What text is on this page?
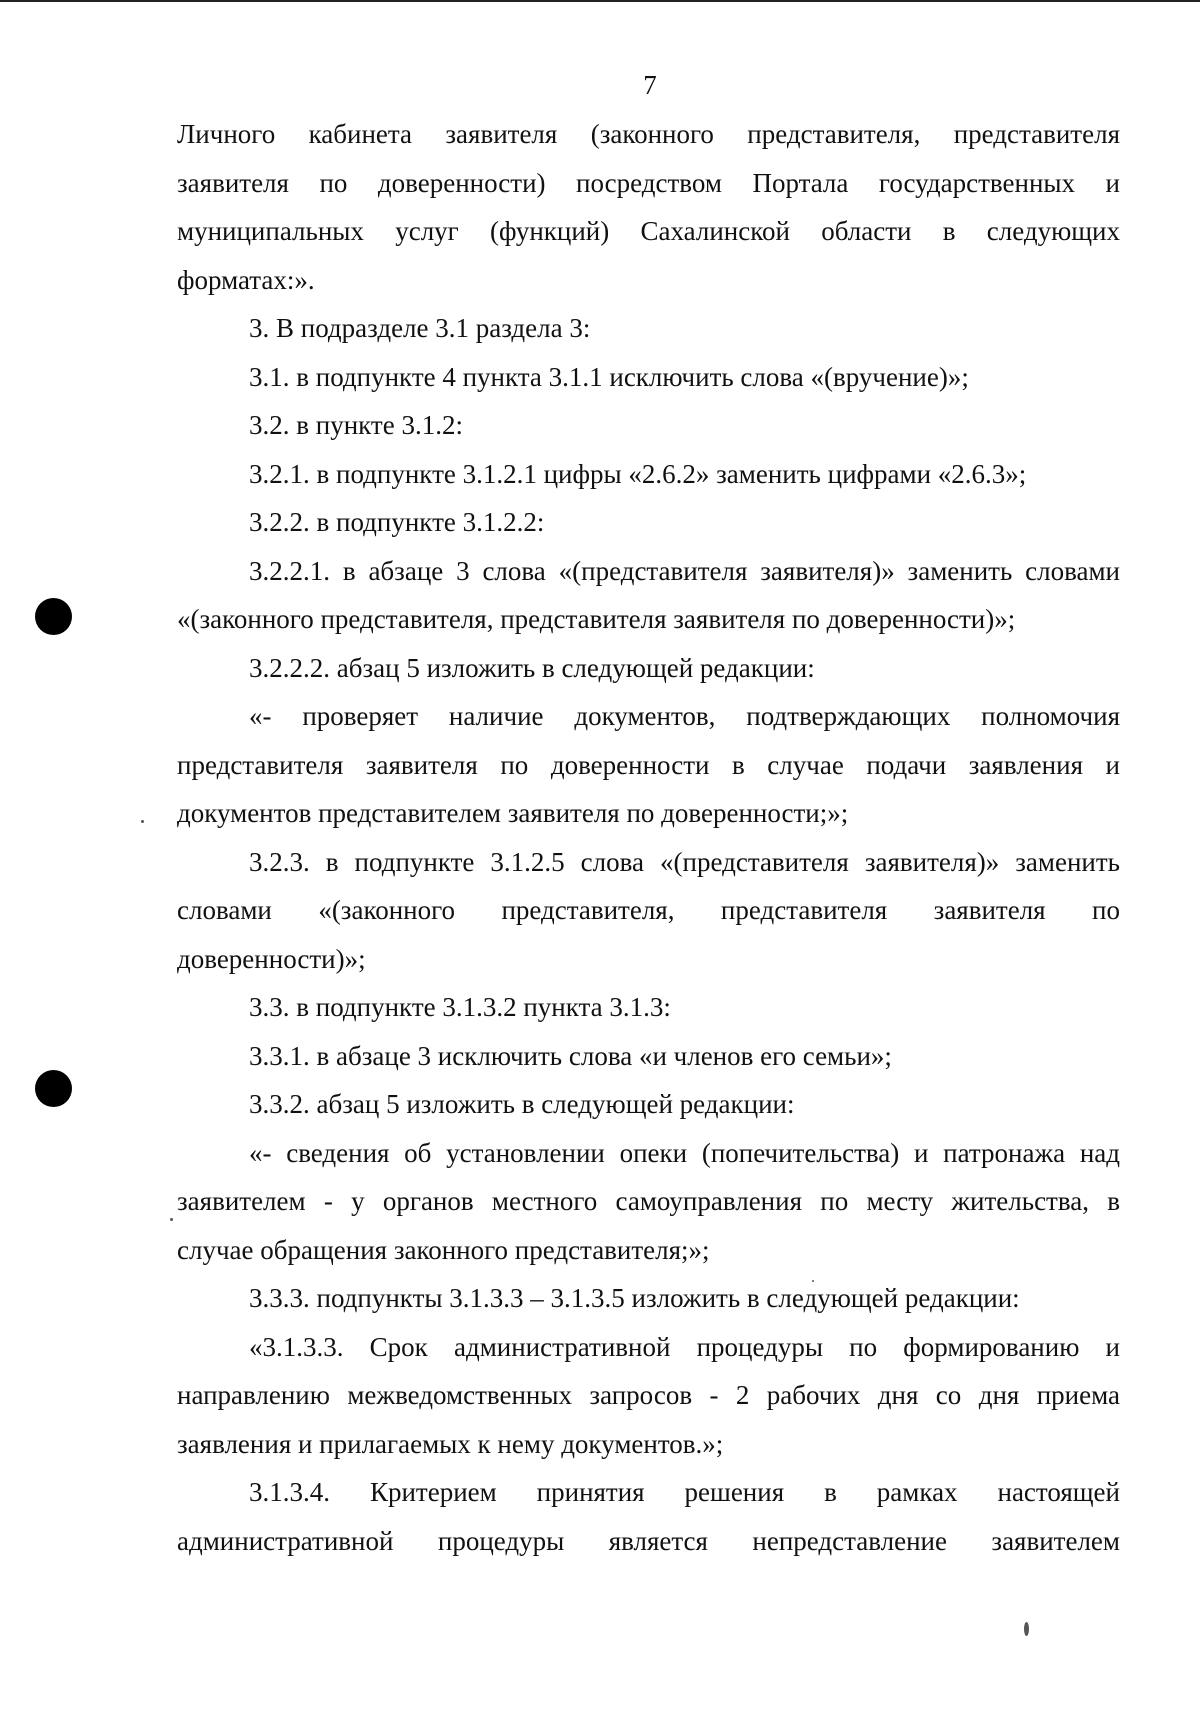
7

Личного кабинета заявителя (законного представителя, представителя

заявителя по доверенности) посредством Портала государственных и

муниципальных услуг (функций) Сахалинской области в следующих

форматах:».

3. В подразделе 3.1 раздела 3:

3.1. в подпункте 4 пункта 3.1.1 исключить слова «(вручение)»;

3.2. в пункте 3.1.2:

3.2.1. в подпункте 3.1.2.1 цифры «2.6.2» заменить цифрами «2.6.3»;

3.2.2. в подпункте 3.1.2.2:

3.2.2.1. в абзаце 3 слова «(представителя заявителя)» заменить словами

«(законного представителя, представителя заявителя по доверенности)»;

3.2.2.2. абзац 5 изложить в следующей редакции:

«- проверяет наличие документов, подтверждающих полномочия

представителя заявителя по доверенности в случае подачи заявления и

документов представителем заявителя по доверенности;»;

3.2.3. в подпункте 3.1.2.5 слова «(представителя заявителя)» заменить

словами «(законного представителя, представителя заявителя по

доверенности)»;

3.3. в подпункте 3.1.3.2 пункта 3.1.3:

3.3.1. в абзаце 3 исключить слова «и членов его семьи»;

3.3.2. абзац 5 изложить в следующей редакции:

«- сведения об установлении опеки (попечительства) и патронажа над

заявителем - у органов местного самоуправления по месту жительства, в

случае обращения законного представителя;»;

3.3.3. подпункты 3.1.3.3 – 3.1.3.5 изложить в следующей редакции:

«3.1.3.3. Срок административной процедуры по формированию и

направлению межведомственных запросов - 2 рабочих дня со дня приема

заявления и прилагаемых к нему документов.»;

3.1.3.4. Критерием принятия решения в рамках настоящей

административной процедуры является непредставление заявителем
